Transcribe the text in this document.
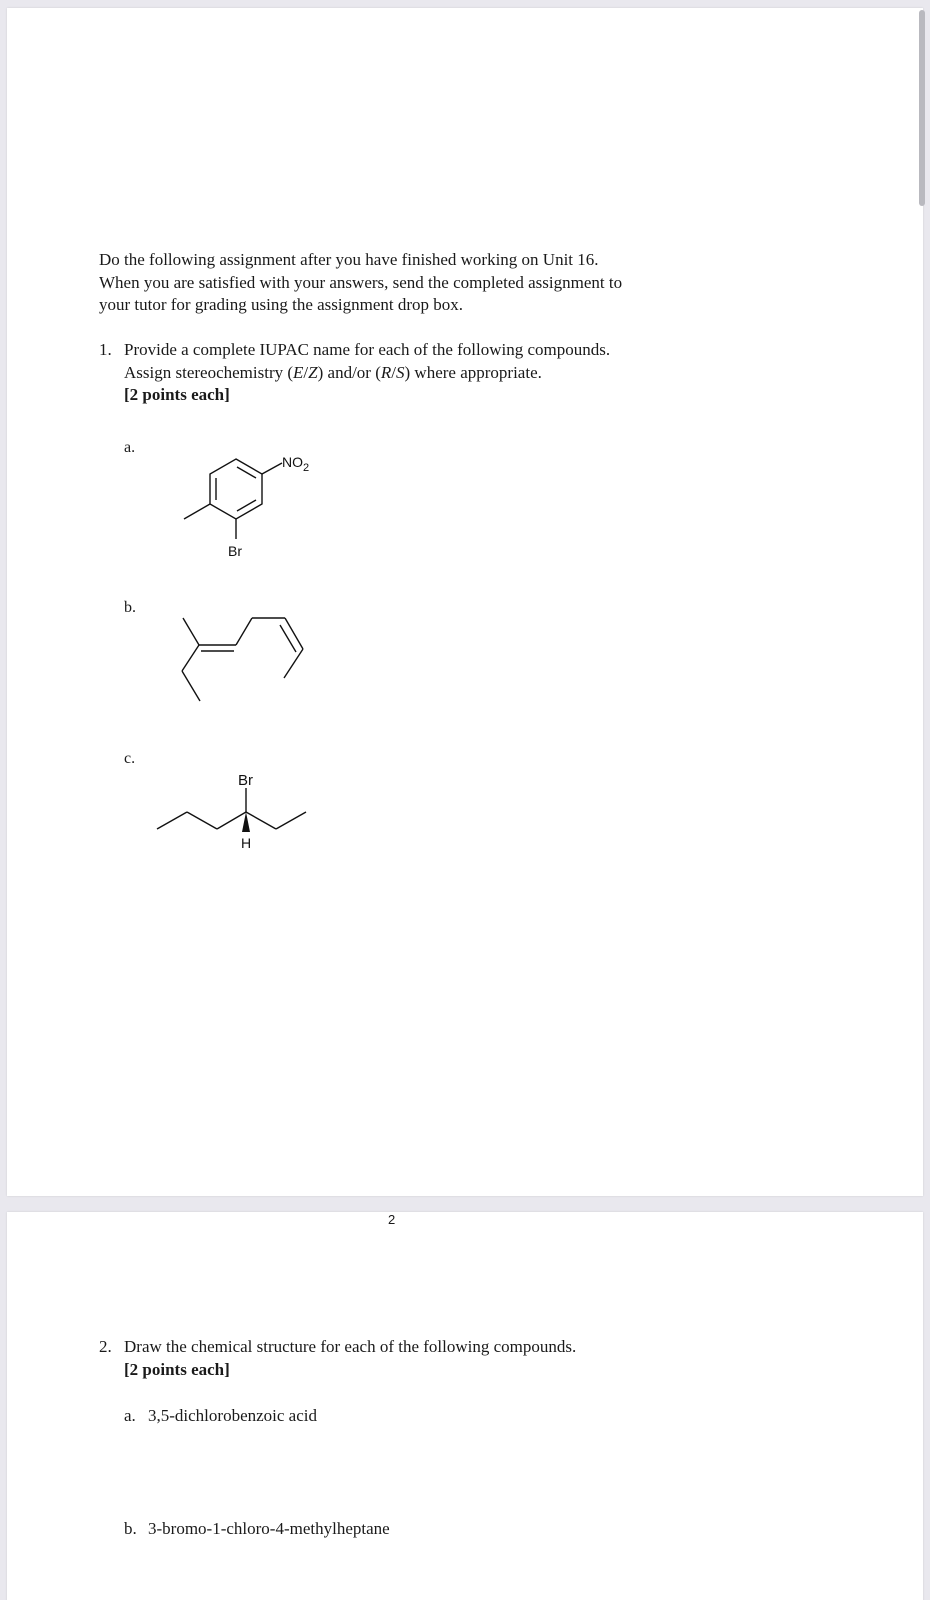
Do the following assignment after you have finished working on Unit 16.
When you are satisfied with your answers, send the completed assignment to
your tutor for grading using the assignment drop box.
1. Provide a complete IUPAC name for each of the following compounds.
Assign stereochemistry (E/Z) and/or (R/S) where appropriate.
[2 points each]
a.
$NO_2$
Br
b.
c.
Br
H
2
2. Draw the chemical structure for each of the following compounds.
[2 points each]
a. 3,5-dichlorobenzoic acid
b. 3-bromo-1-chloro-4-methylheptane
